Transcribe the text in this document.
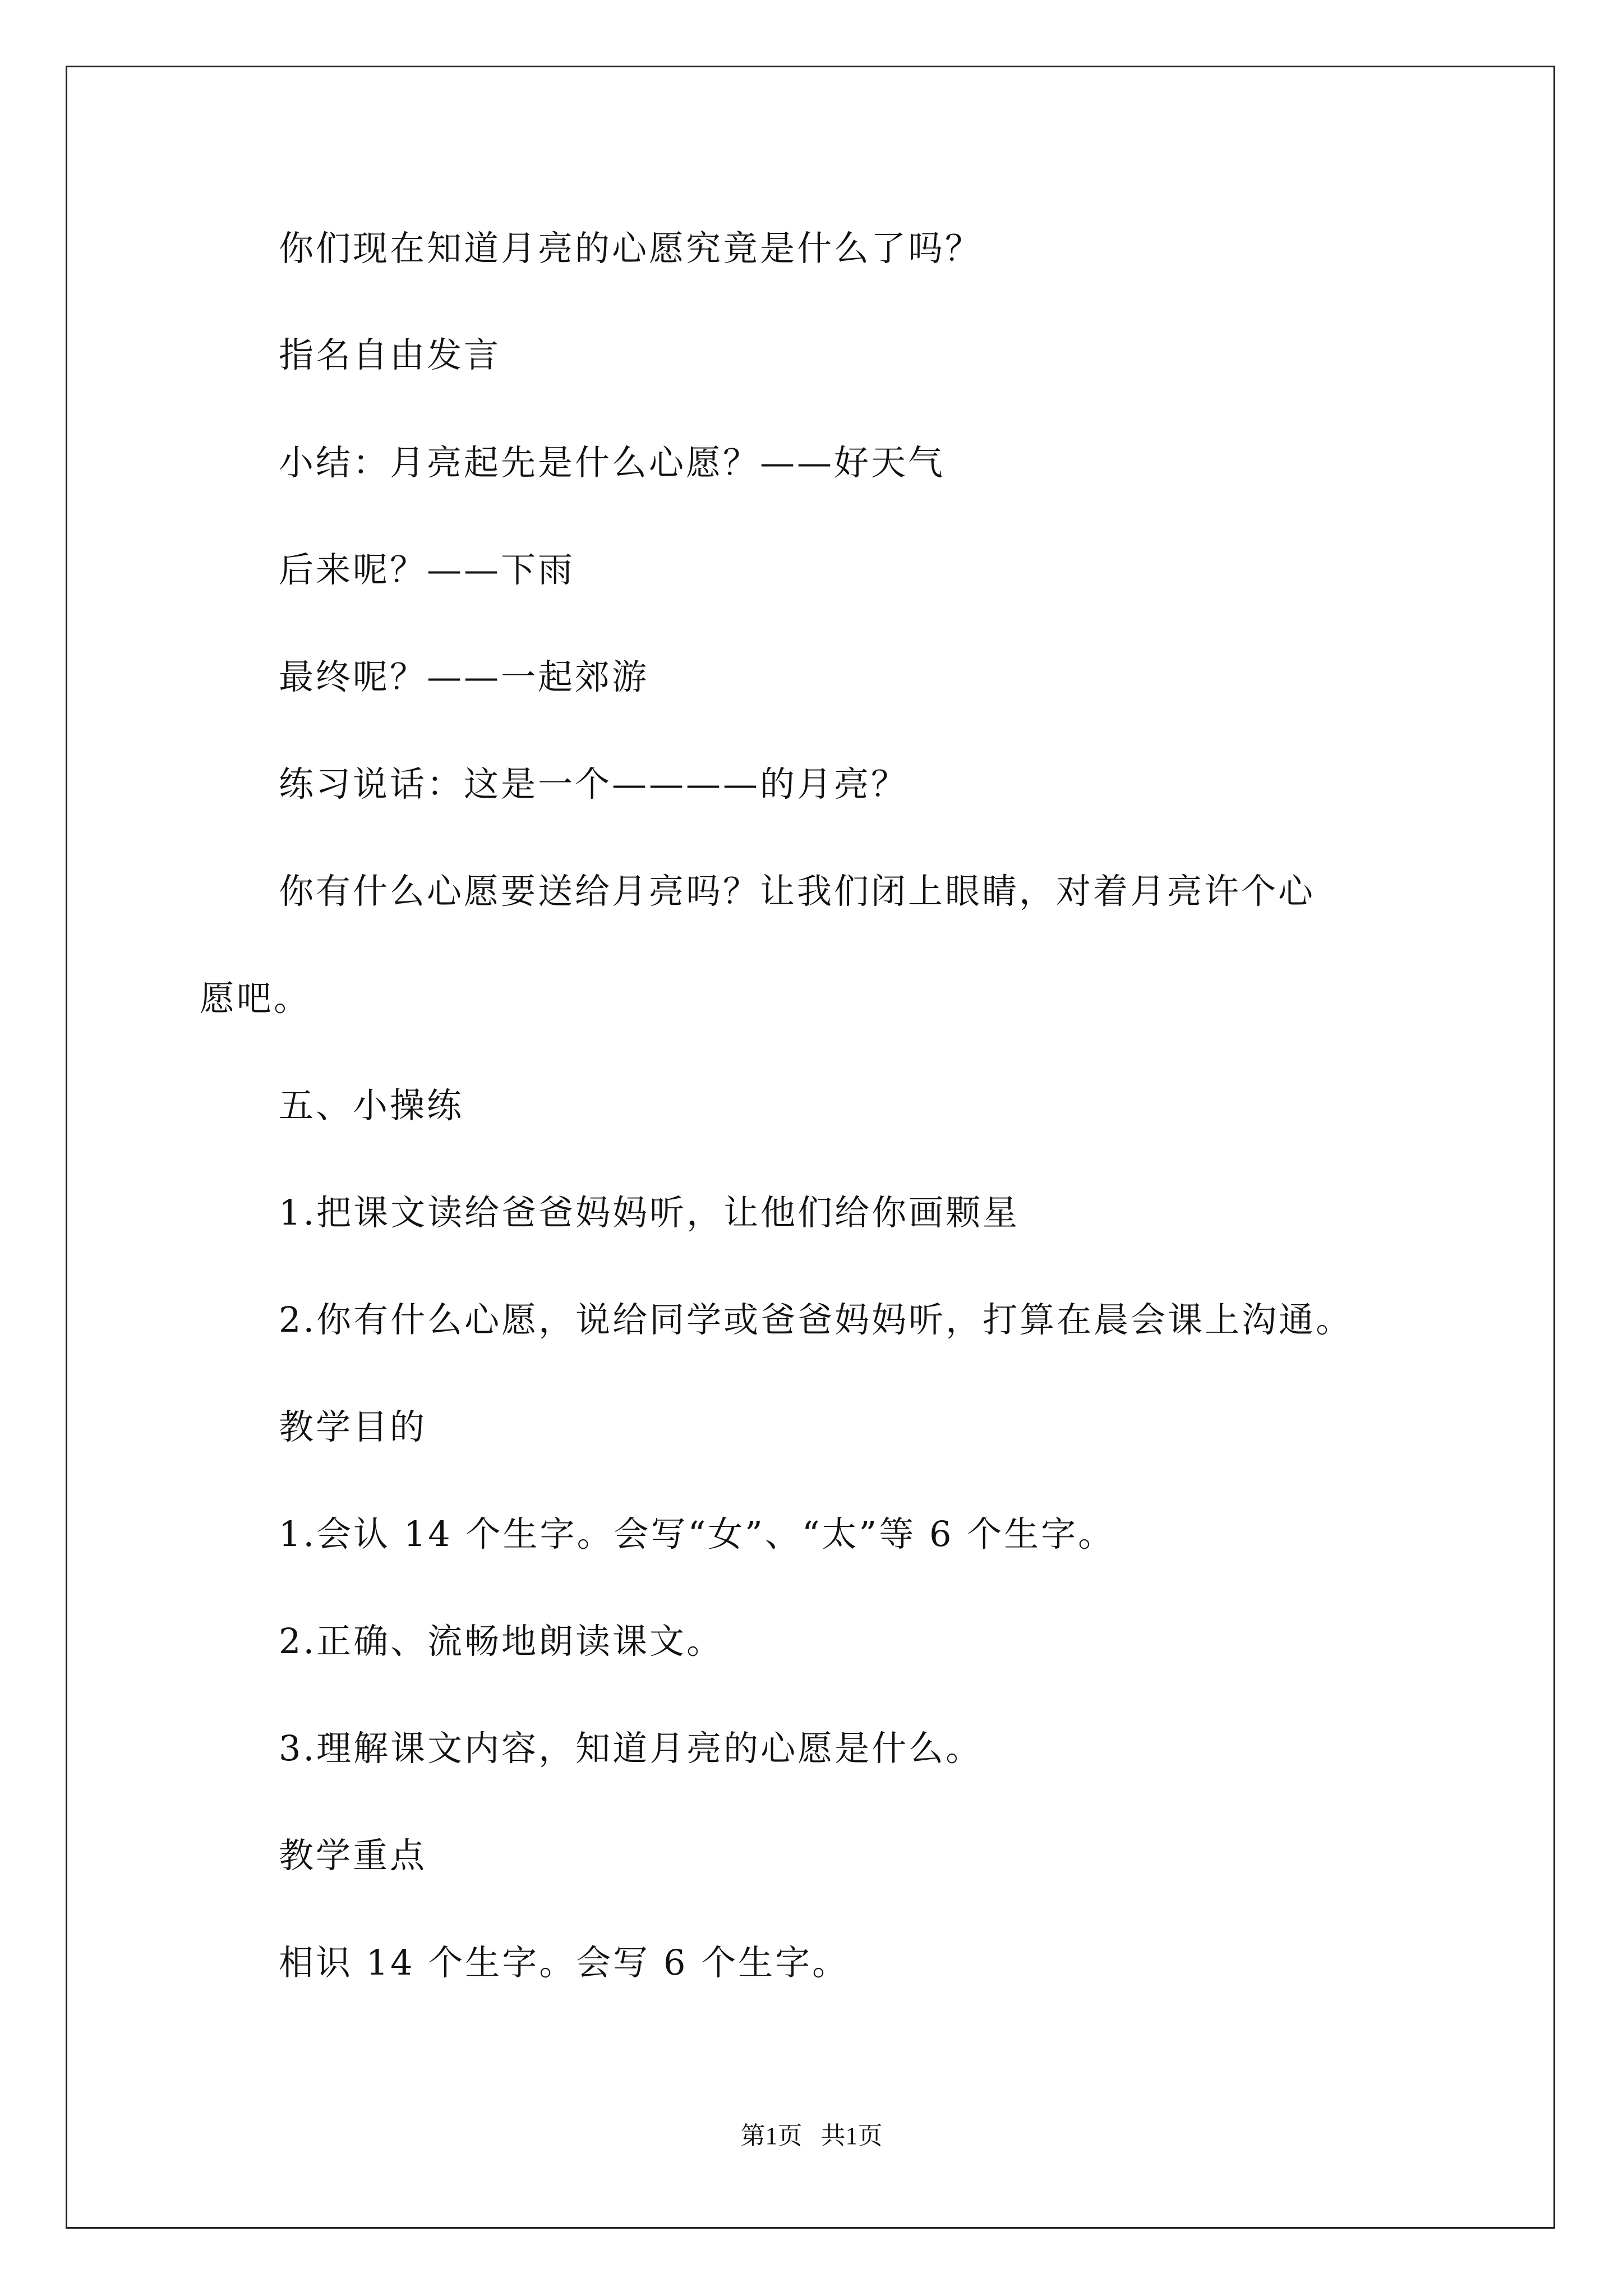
你们现在知道月亮的心愿究竟是什么了吗？
指名自由发言
小结：月亮起先是什么心愿？——好天气
后来呢？——下雨
最终呢？——一起郊游
练习说话：这是一个————的月亮？
你有什么心愿要送给月亮吗？让我们闭上眼睛，对着月亮许个心
愿吧。
五、小操练
1.把课文读给爸爸妈妈听，让他们给你画颗星
2.你有什么心愿，说给同学或爸爸妈妈听，打算在晨会课上沟通。
教学目的
1.会认 14 个生字。会写“女”、“太”等 6 个生字。
2.正确、流畅地朗读课文。
3.理解课文内容，知道月亮的心愿是什么。
教学重点
相识 14 个生字。会写 6 个生字。
第1页   共1页
